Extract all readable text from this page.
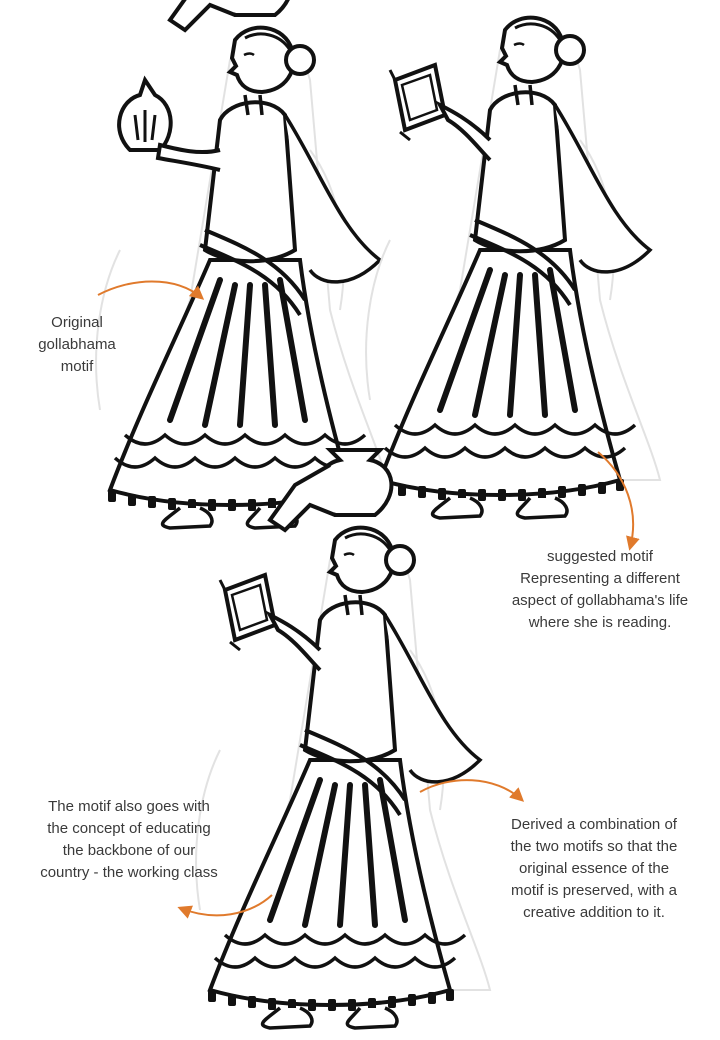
Original
gollabhama
motif
suggested motif
Representing a different
aspect of gollabhama's life
where she is reading.
The motif also goes with
the concept of educating
the backbone of our
country - the working class
Derived a combination of
the two motifs so that the
original essence of the
motif is preserved, with a
creative addition to it.
